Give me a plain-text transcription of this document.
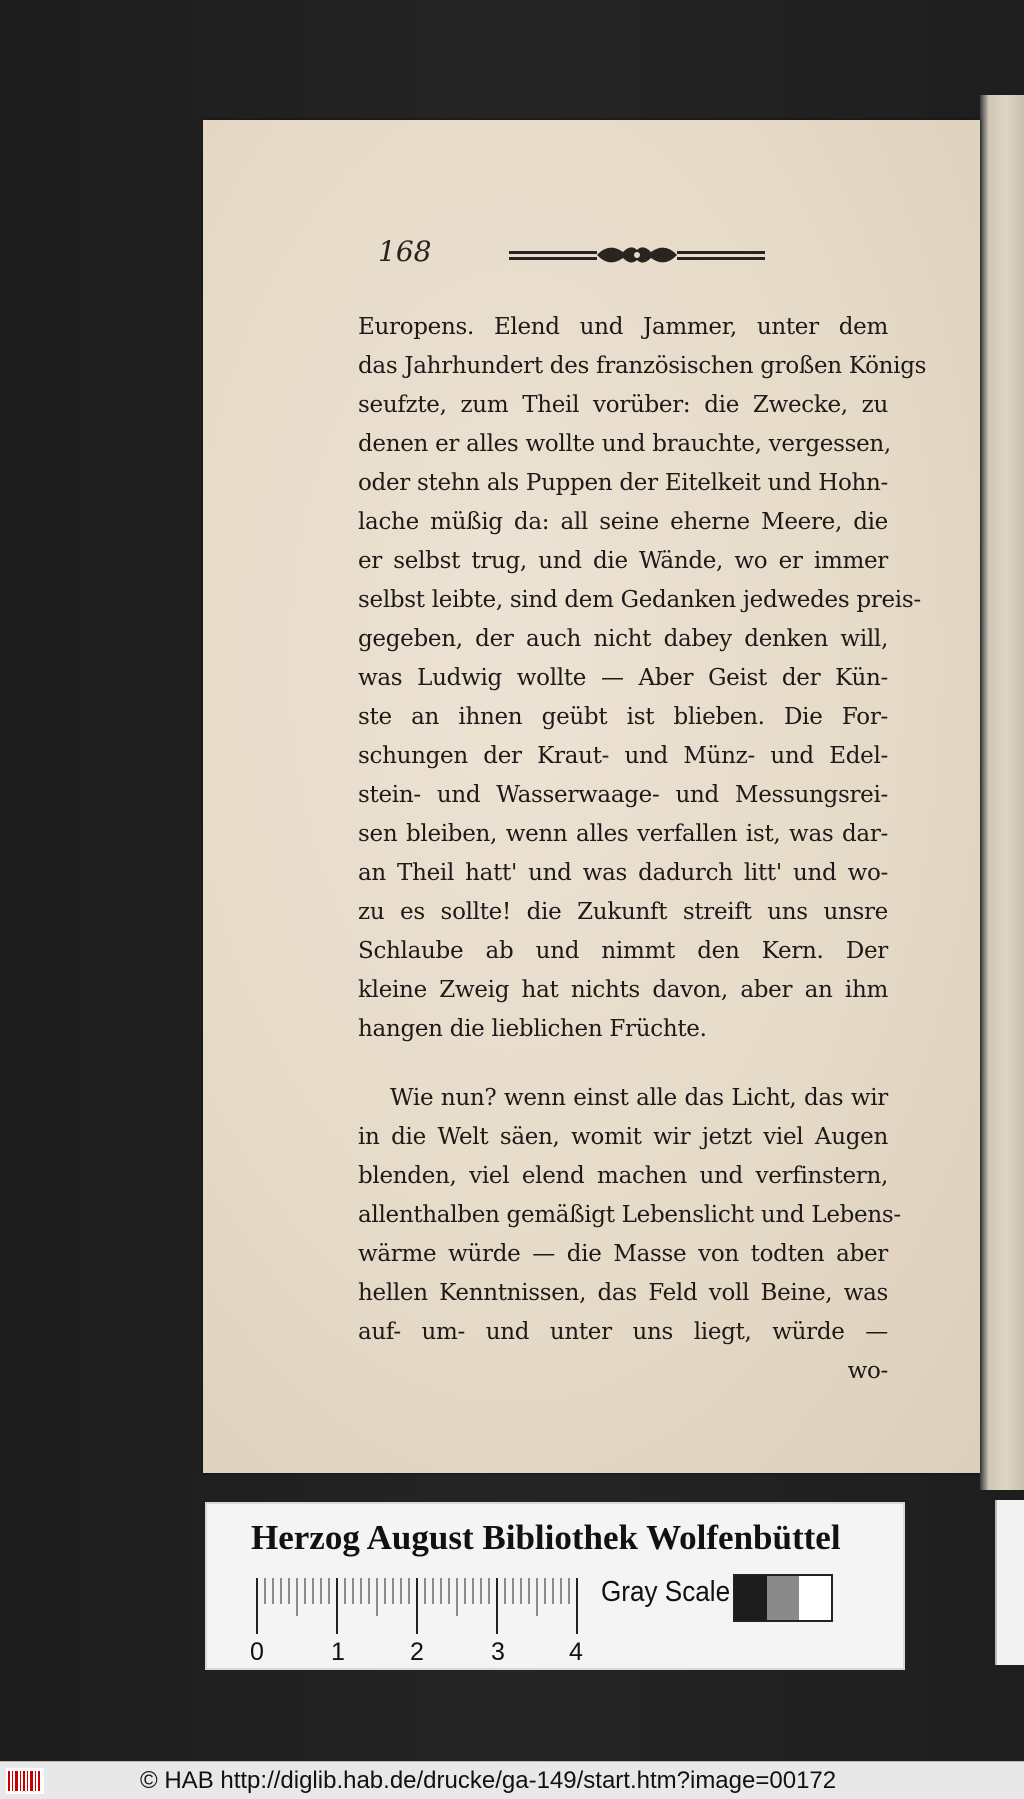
168
Europens. Elend und Jammer, unter dem
das Jahrhundert des französischen großen Königs
seufzte, zum Theil vorüber: die Zwecke, zu
denen er alles wollte und brauchte, vergessen,
oder stehn als Puppen der Eitelkeit und Hohn-
lache müßig da: all seine eherne Meere, die
er selbst trug, und die Wände, wo er immer
selbst leibte, sind dem Gedanken jedwedes preis-
gegeben, der auch nicht dabey denken will,
was Ludwig wollte — Aber Geist der Kün-
ste an ihnen geübt ist blieben. Die For-
schungen der Kraut- und Münz- und Edel-
stein- und Wasserwaage- und Messungsrei-
sen bleiben, wenn alles verfallen ist, was dar-
an Theil hatt' und was dadurch litt' und wo-
zu es sollte! die Zukunft streift uns unsre
Schlaube ab und nimmt den Kern. Der
kleine Zweig hat nichts davon, aber an ihm
hangen die lieblichen Früchte.
Wie nun? wenn einst alle das Licht, das wir
in die Welt säen, womit wir jetzt viel Augen
blenden, viel elend machen und verfinstern,
allenthalben gemäßigt Lebenslicht und Lebens-
wärme würde — die Masse von todten aber
hellen Kenntnissen, das Feld voll Beine, was
auf- um- und unter uns liegt, würde —
wo-
Herzog August Bibliothek Wolfenbüttel
0	1	2	3	4
Gray Scale
© HAB http://diglib.hab.de/drucke/ga-149/start.htm?image=00172
